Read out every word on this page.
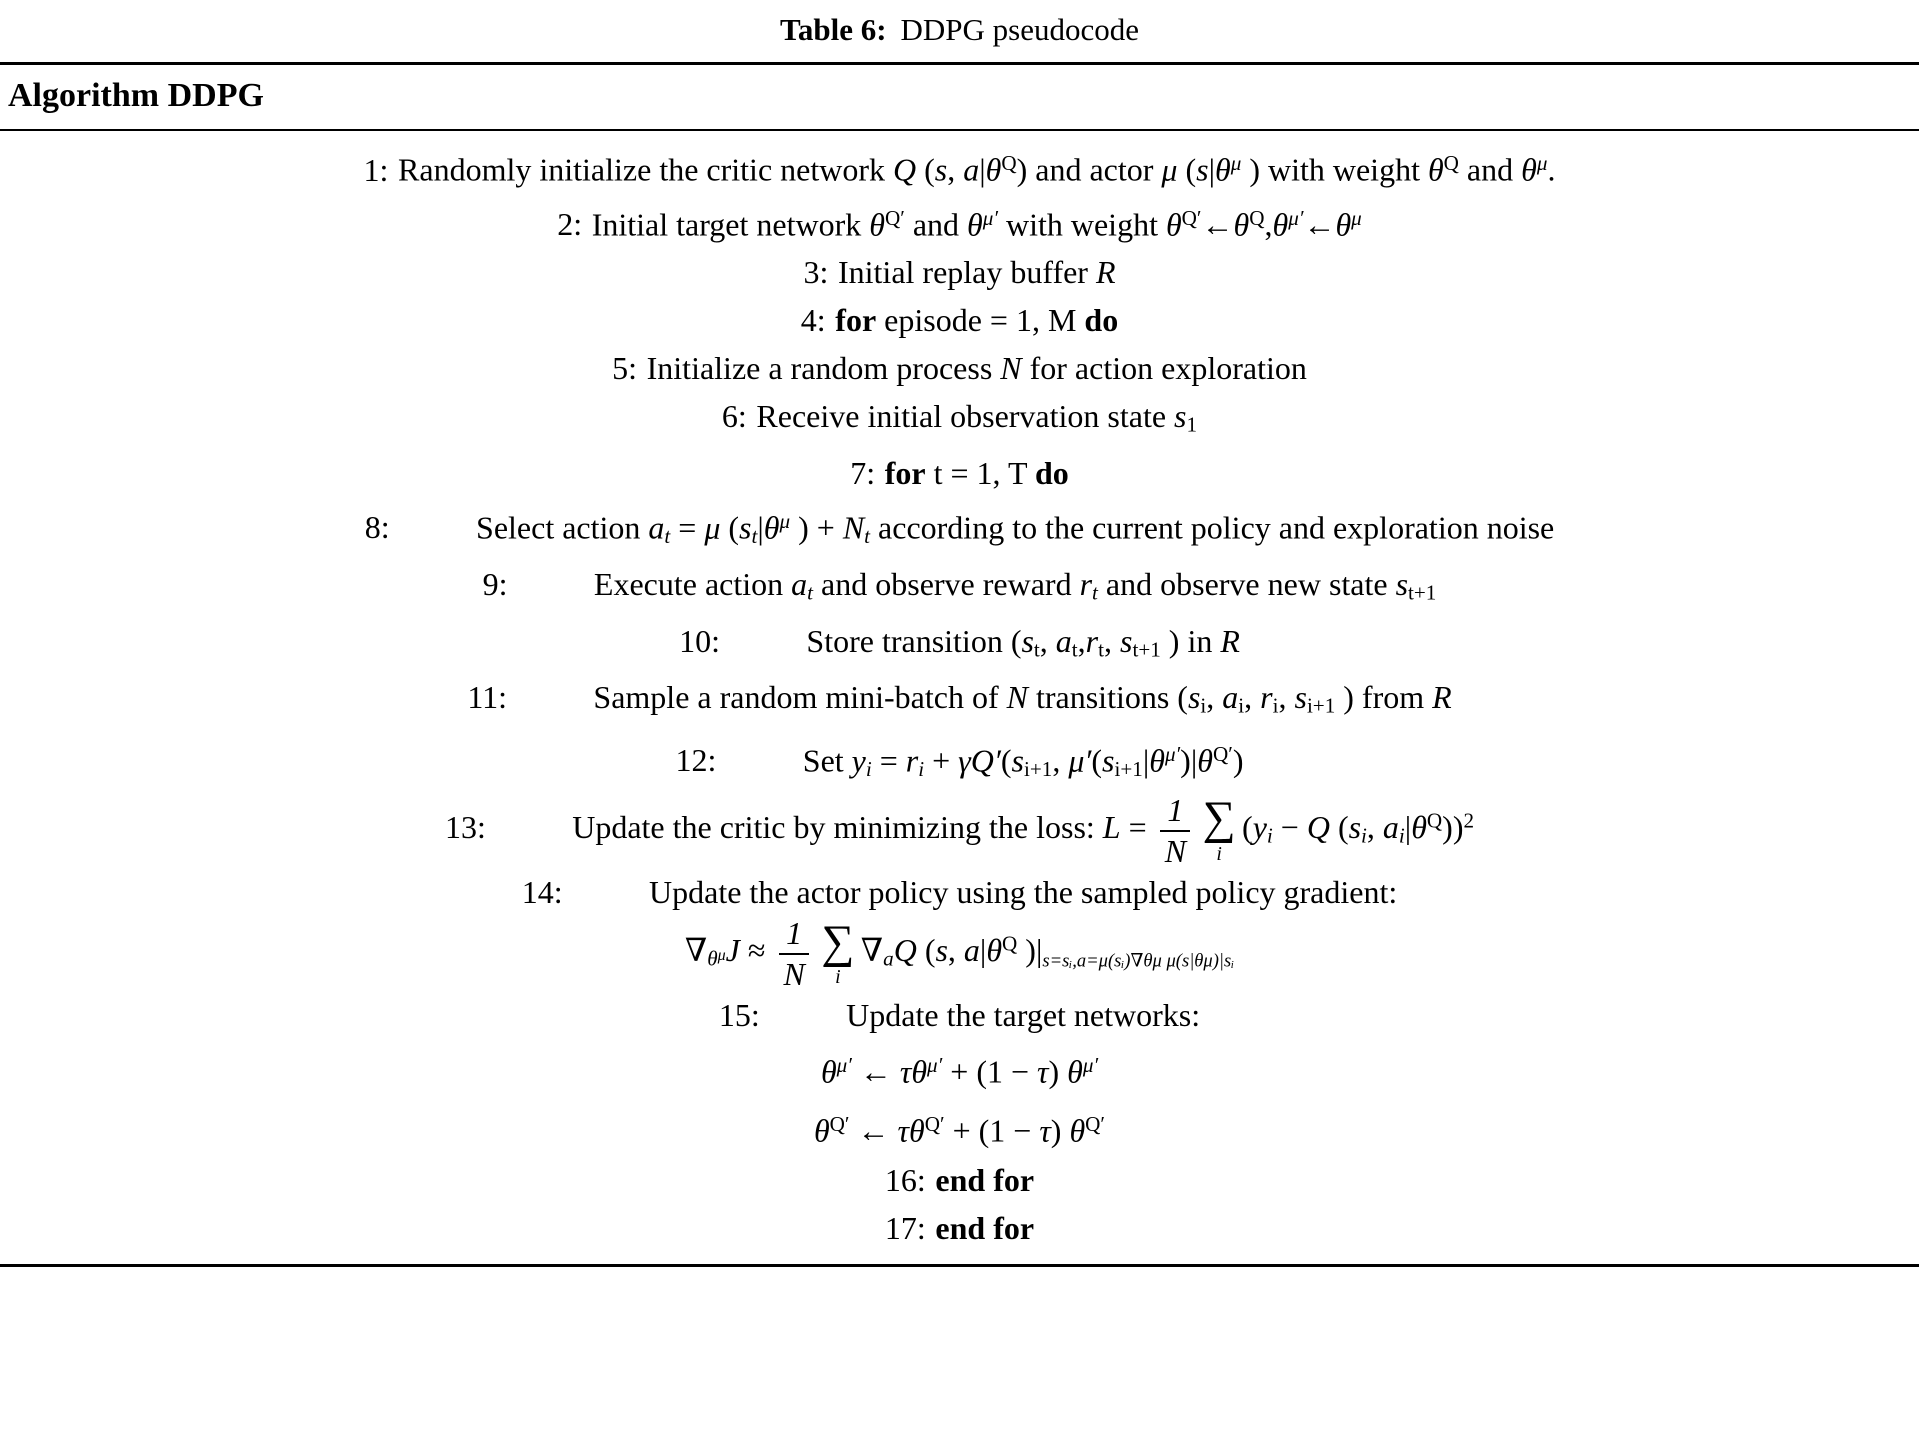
Table 6: DDPG pseudocode
Algorithm DDPG
1: Randomly initialize the critic network Q (s, $a|\theta^Q$) and actor μ ($s|\theta^\mu$ ) with weight $\theta^Q$ and $\theta^\mu$.
2: Initial target network $\theta^{Q'}$ and $\theta^{\mu'}$ with weight $\theta^{Q'}\leftarrow\theta^Q,\theta^{\mu'}\leftarrow\theta^\mu$
3: Initial replay buffer R
4: for episode = 1, M do
5: Initialize a random process N for action exploration
6: Receive initial observation state s1
7: for t = 1, T do
8:	Select action at = μ ($st|\theta^\mu$ ) + Nt according to the current policy and exploration noise
9:	Execute action at and observe reward rt and observe new state st+1
10:	Store transition (st, at,rt, st+1 ) in R
11:	Sample a random mini-batch of N transitions (si, ai, ri, si+1 ) from R
12:	Set yi = ri + γQ′(si+1, $\mu'(si+1|\theta^{\mu'})|\theta^{Q'}$)
13:	Update the critic by minimizing the loss: $L = \frac{1}{N}$ ∑
i
(yi − Q (si, $ai|\theta^Q))^2$
14:	Update the actor policy using the sampled policy gradient:
$\nabla\theta\mu J \approx \frac{1}{N}$ ∑
i
∇aQ (s, $a|\theta^Q$ )|s=sᵢ,a=μ(sᵢ)∇θμ μ(s|θμ)|sᵢ
15:	Update the target networks:
$\theta^{\mu'}$ ← $\tau\theta^{\mu'} + (1 - \tau)$ $\theta^{\mu'}$
$\theta^{Q'}$ ← $\tau\theta^{Q'} + (1 - \tau)$ $\theta^{Q'}$
16: end for
17: end for
